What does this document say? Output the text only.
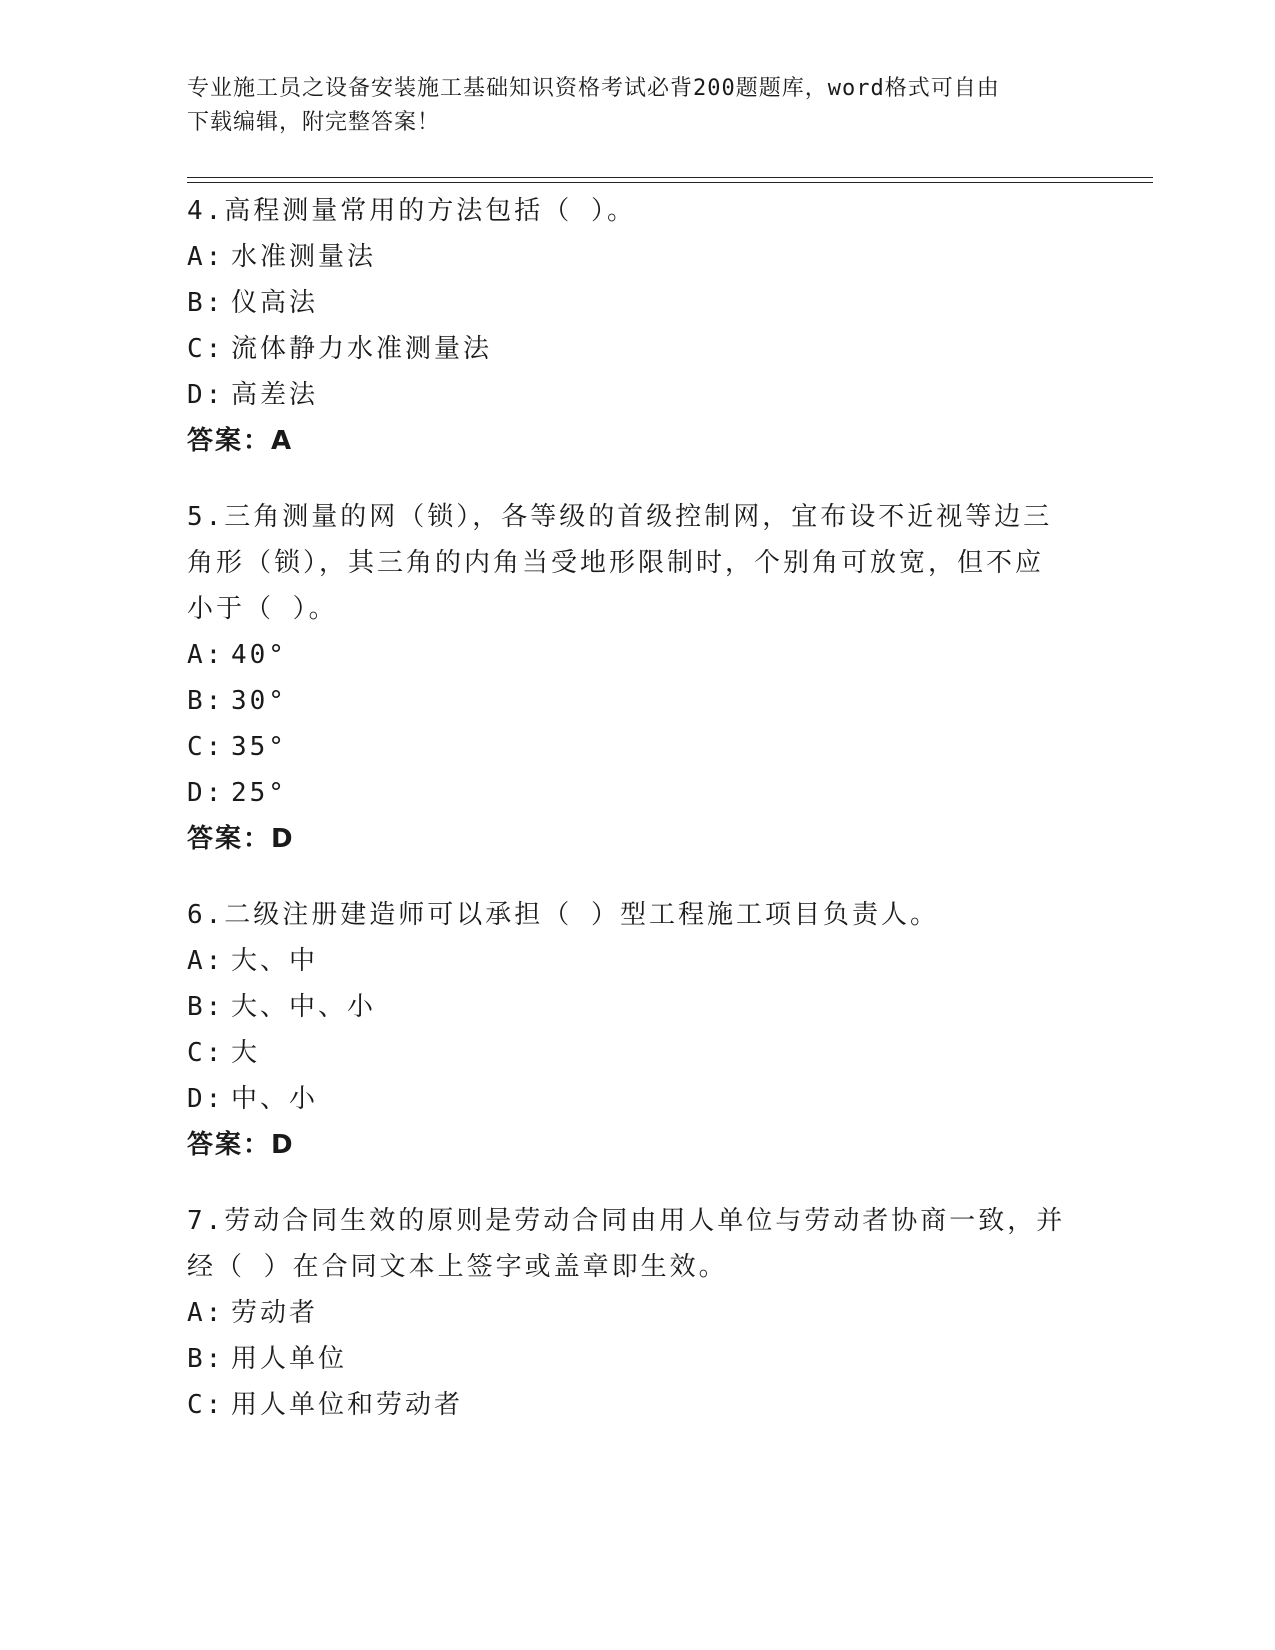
专业施工员之设备安装施工基础知识资格考试必背200题题库，word格式可自由
下载编辑，附完整答案！

4.高程测量常用的方法包括（ ）。

A: 水准测量法
B: 仪高法
C: 流体静力水准测量法
D: 高差法
答案：A

5.三角测量的网（锁），各等级的首级控制网，宜布设不近视等边三角形（锁），其三角的内角当受地形限制时，个别角可放宽，但不应小于（ ）。

A: 40°
B: 30°
C: 35°
D: 25°
答案：D

6.二级注册建造师可以承担（ ）型工程施工项目负责人。

A: 大、中
B: 大、中、小
C: 大
D: 中、小
答案：D

7.劳动合同生效的原则是劳动合同由用人单位与劳动者协商一致，并经（ ）在合同文本上签字或盖章即生效。

A: 劳动者
B: 用人单位
C: 用人单位和劳动者
